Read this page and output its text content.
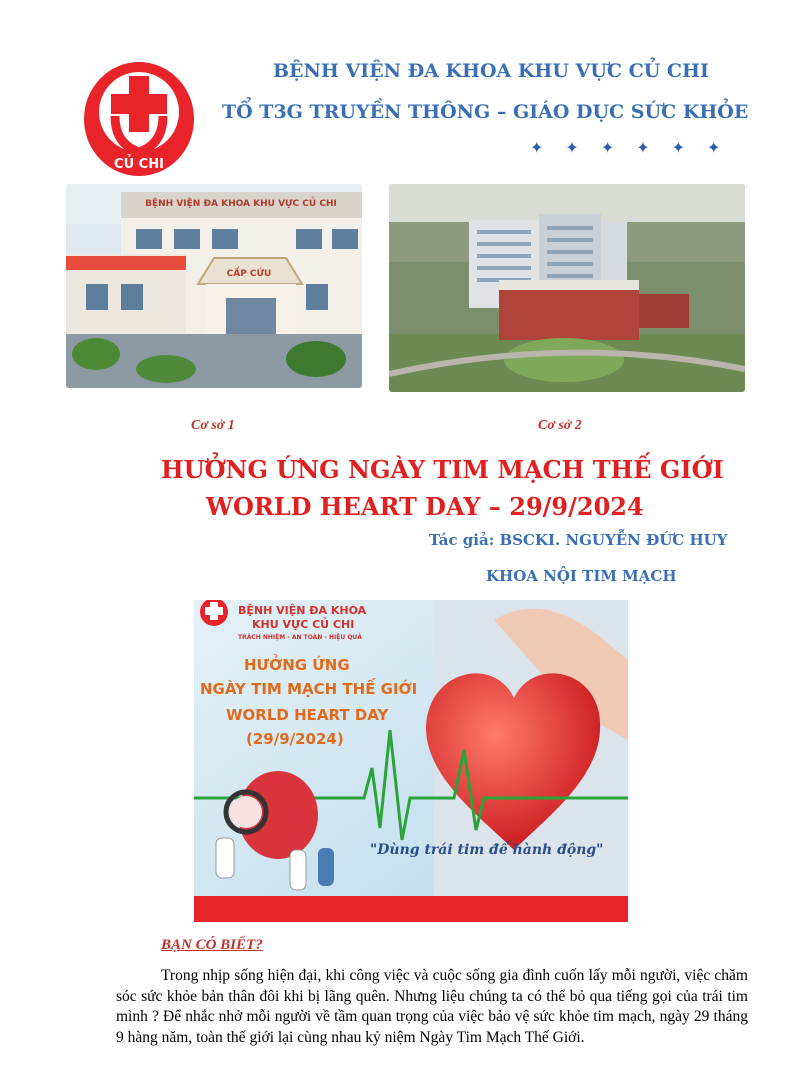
CỦ CHI
BỆNH VIỆN ĐA KHOA KHU VỰC CỦ CHI
TỔ T3G TRUYỀN THÔNG – GIÁO DỤC SỨC KHỎE
✦ ✦ ✦ ✦ ✦ ✦
BỆNH VIỆN ĐA KHOA KHU VỰC CỦ CHI
CẤP CỨU
Cơ sở 1	Cơ sở 2
HƯỞNG ỨNG NGÀY TIM MẠCH THẾ GIỚI
WORLD HEART DAY – 29/9/2024
Tác giả: BSCKI. NGUYỄN ĐỨC HUY
KHOA NỘI TIM MẠCH
BỆNH VIỆN ĐA KHOA
KHU VỰC CỦ CHI
TRÁCH NHIỆM - AN TOÀN - HIỆU QUẢ
HƯỞNG ỨNG
NGÀY TIM MẠCH THẾ GIỚI
WORLD HEART DAY
(29/9/2024)
"Dùng trái tim để hành động"
BẠN CÓ BIẾT?
Trong nhịp sống hiện đại, khi công việc và cuộc sống gia đình cuốn lấy mỗi người, việc chăm sóc sức khỏe bản thân đôi khi bị lãng quên. Nhưng liệu chúng ta có thể bỏ qua tiếng gọi của trái tim mình ? Để nhắc nhở mỗi người về tầm quan trọng của việc bảo vệ sức khỏe tim mạch, ngày 29 tháng 9 hàng năm, toàn thế giới lại cùng nhau kỷ niệm Ngày Tim Mạch Thế Giới.
